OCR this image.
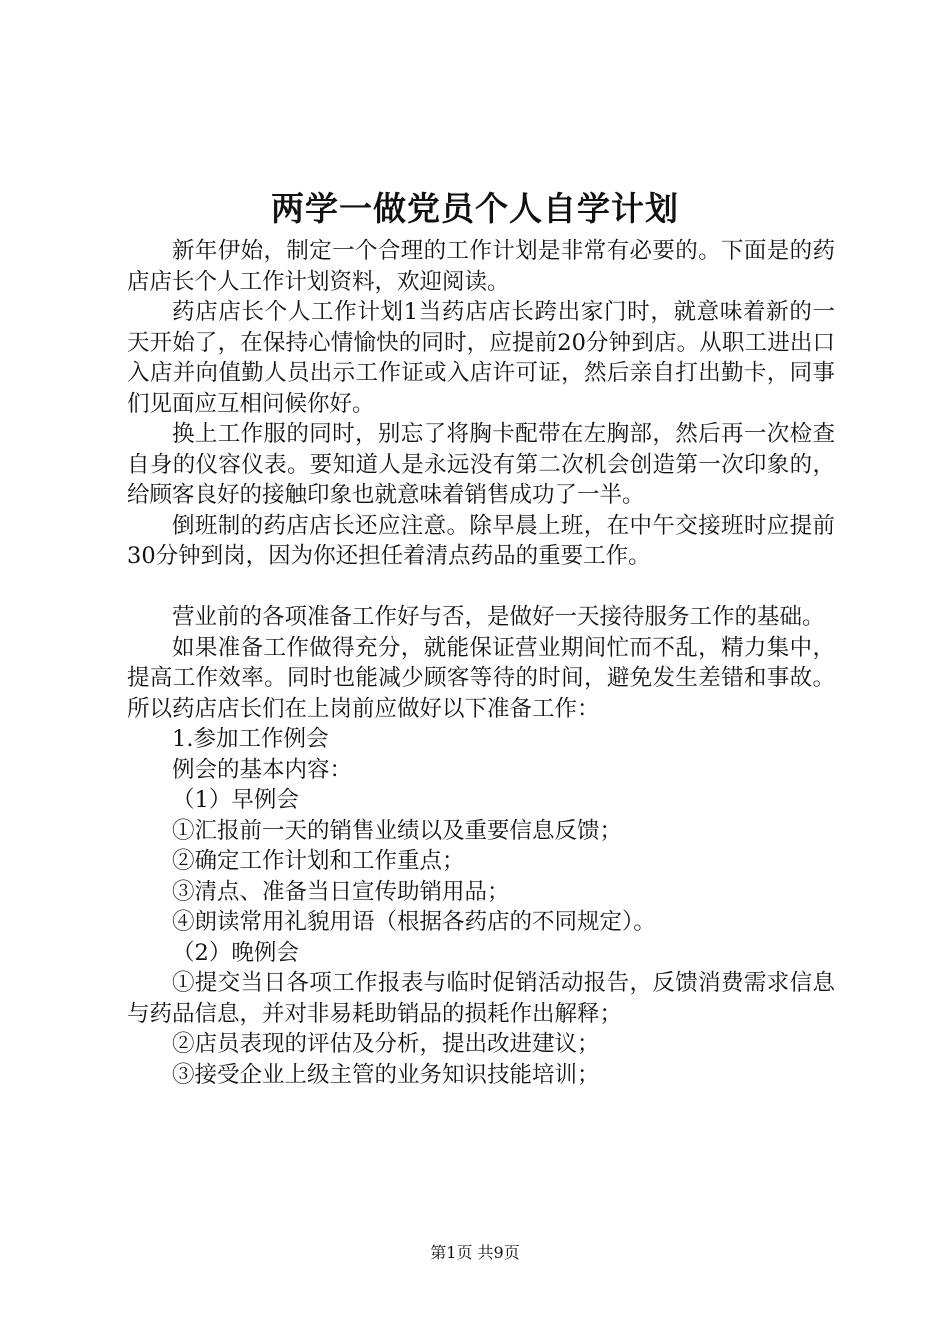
两学一做党员个人自学计划

新年伊始，制定一个合理的工作计划是非常有必要的。下面是的药店店长个人工作计划资料，欢迎阅读。

药店店长个人工作计划1当药店店长跨出家门时，就意味着新的一天开始了，在保持心情愉快的同时，应提前20分钟到店。从职工进出口入店并向值勤人员出示工作证或入店许可证，然后亲自打出勤卡，同事们见面应互相问候你好。

换上工作服的同时，别忘了将胸卡配带在左胸部，然后再一次检查自身的仪容仪表。要知道人是永远没有第二次机会创造第一次印象的，给顾客良好的接触印象也就意味着销售成功了一半。

倒班制的药店店长还应注意。除早晨上班，在中午交接班时应提前30分钟到岗，因为你还担任着清点药品的重要工作。

营业前的各项准备工作好与否，是做好一天接待服务工作的基础。

如果准备工作做得充分，就能保证营业期间忙而不乱，精力集中，提高工作效率。同时也能减少顾客等待的时间，避免发生差错和事故。所以药店店长们在上岗前应做好以下准备工作：

1.参加工作例会

例会的基本内容：

（1）早例会

①汇报前一天的销售业绩以及重要信息反馈；

②确定工作计划和工作重点；

③清点、准备当日宣传助销用品；

④朗读常用礼貌用语（根据各药店的不同规定）。

（2）晚例会

①提交当日各项工作报表与临时促销活动报告，反馈消费需求信息与药品信息，并对非易耗助销品的损耗作出解释；

②店员表现的评估及分析，提出改进建议；

③接受企业上级主管的业务知识技能培训；

第1页 共9页
